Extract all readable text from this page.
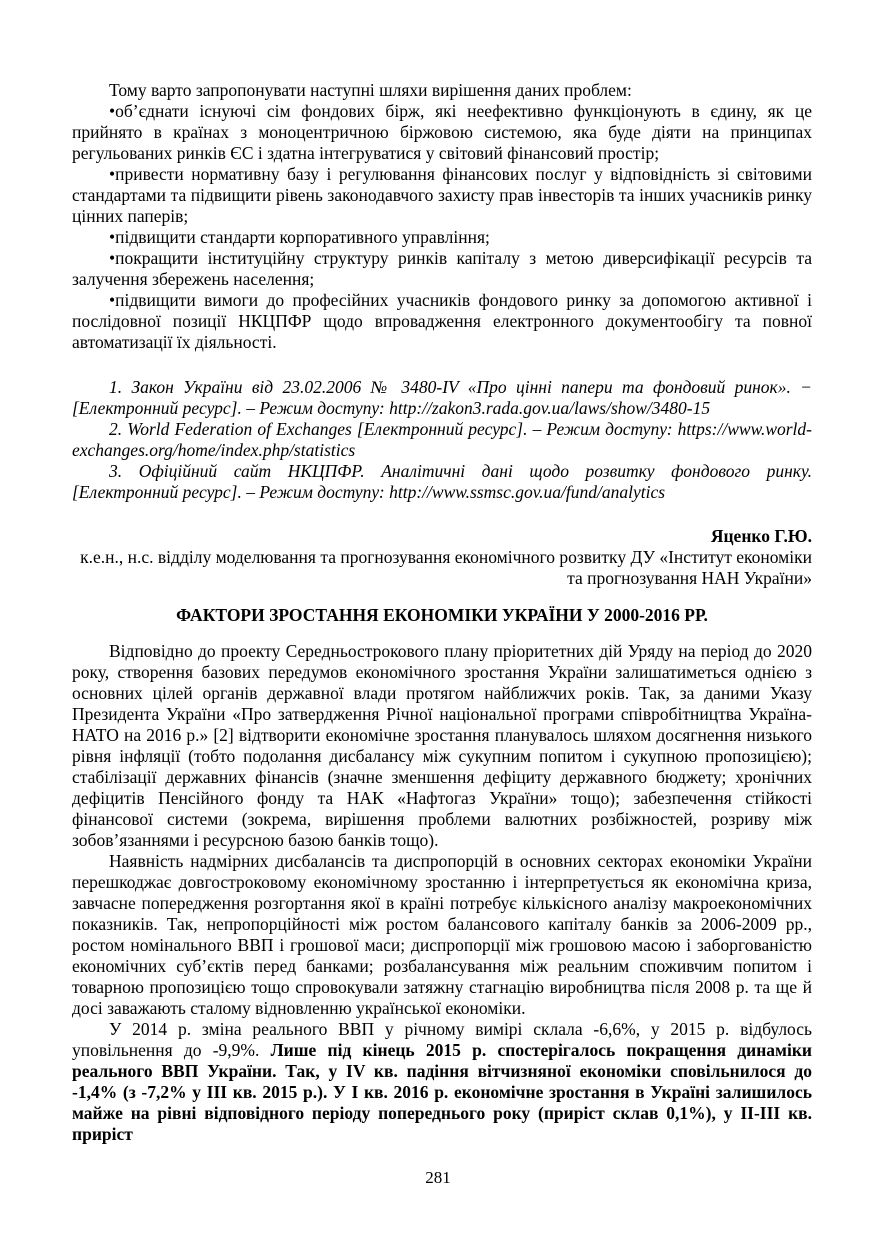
Тому варто запропонувати наступні шляхи вирішення даних проблем:

•об’єднати існуючі сім фондових бірж, які неефективно функціонують в єдину, як це прийнято в країнах з моноцентричною біржовою системою, яка буде діяти на принципах регульованих ринків ЄС і здатна інтегруватися у світовий фінансовий простір;

•привести нормативну базу і регулювання фінансових послуг у відповідність зі світовими стандартами та підвищити рівень законодавчого захисту прав інвесторів та інших учасників ринку цінних паперів;

•підвищити стандарти корпоративного управління;

•покращити інституційну структуру ринків капіталу з метою диверсифікації ресурсів та залучення збережень населення;

•підвищити вимоги до професійних учасників фондового ринку за допомогою активної і послідовної позиції НКЦПФР щодо впровадження електронного документообігу та повної автоматизації їх діяльності.

1. Закон України від 23.02.2006 № 3480-IV «Про цінні папери та фондовий ринок». − [Електронний ресурс]. – Режим доступу: http://zakon3.rada.gov.ua/laws/show/3480-15

2. World Federation of Exchanges [Електронний ресурс]. – Режим доступу: https://www.world-exchanges.org/home/index.php/statistics

3. Офіційний сайт НКЦПФР. Аналітичні дані щодо розвитку фондового ринку. [Електронний ресурс]. – Режим доступу: http://www.ssmsc.gov.ua/fund/analytics

Яценко Г.Ю.

к.е.н., н.с. відділу моделювання та прогнозування економічного розвитку ДУ «Інститут економіки та прогнозування НАН України»

ФАКТОРИ ЗРОСТАННЯ ЕКОНОМІКИ УКРАЇНИ У 2000-2016 РР.

Відповідно до проекту Середньострокового плану пріоритетних дій Уряду на період до 2020 року, створення базових передумов економічного зростання України залишатиметься однією з основних цілей органів державної влади протягом найближчих років. Так, за даними Указу Президента України «Про затвердження Річної національної програми співробітництва Україна-НАТО на 2016 р.» [2] відтворити економічне зростання планувалось шляхом досягнення низького рівня інфляції (тобто подолання дисбалансу між сукупним попитом і сукупною пропозицією); стабілізації державних фінансів (значне зменшення дефіциту державного бюджету; хронічних дефіцитів Пенсійного фонду та НАК «Нафтогаз України» тощо); забезпечення стійкості фінансової системи (зокрема, вирішення проблеми валютних розбіжностей, розриву між зобов’язаннями і ресурсною базою банків тощо).

Наявність надмірних дисбалансів та диспропорцій в основних секторах економіки України перешкоджає довгостроковому економічному зростанню і інтерпретується як економічна криза, завчасне попередження розгортання якої в країні потребує кількісного аналізу макроекономічних показників. Так, непропорційності між ростом балансового капіталу банків за 2006-2009 рр., ростом номінального ВВП і грошової маси; диспропорції між грошовою масою і заборгованістю економічних суб’єктів перед банками; розбалансування між реальним споживчим попитом і товарною пропозицією тощо спровокували затяжну стагнацію виробництва після 2008 р. та ще й досі заважають сталому відновленню української економіки.

У 2014 р. зміна реального ВВП у річному вимірі склала -6,6%, у 2015 р. відбулось уповільнення до -9,9%. Лише під кінець 2015 р. спостерігалось покращення динаміки реального ВВП України. Так, у IV кв. падіння вітчизняної економіки сповільнилося до -1,4% (з -7,2% у III кв. 2015 р.). У I кв. 2016 р. економічне зростання в Україні залишилось майже на рівні відповідного періоду попереднього року (приріст склав 0,1%), у II-III кв. приріст

281
